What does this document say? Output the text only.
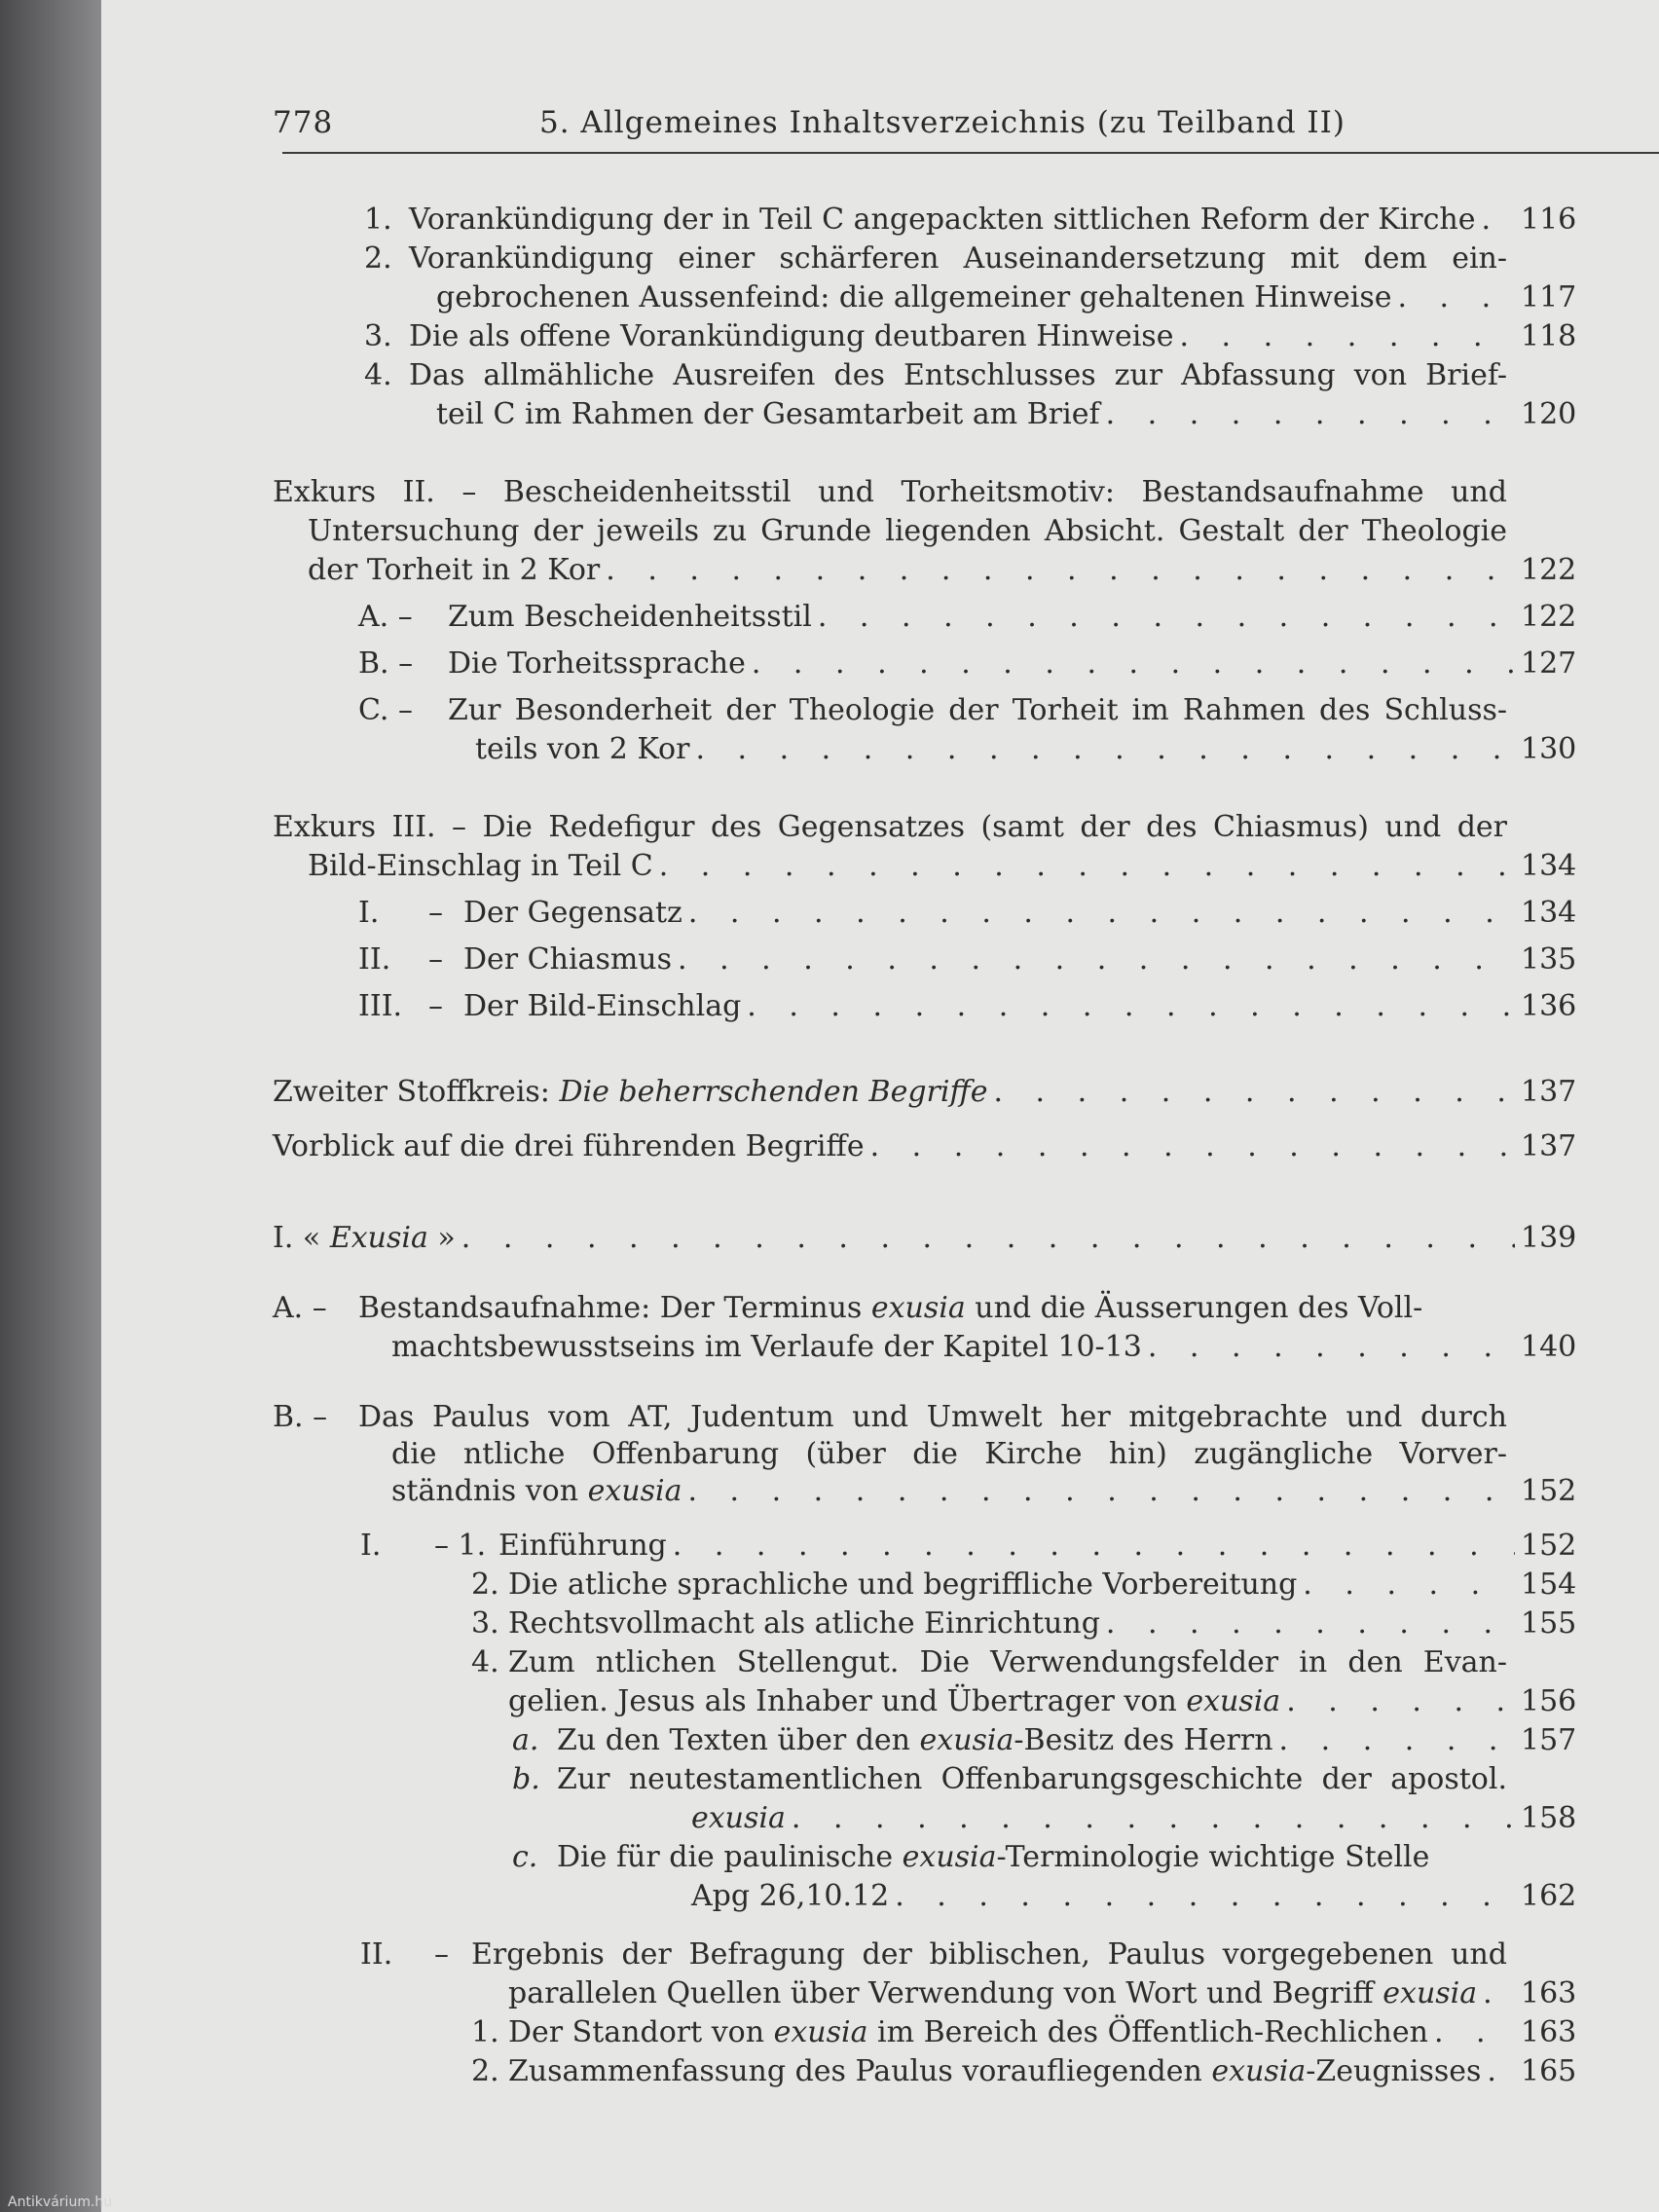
778	5. Allgemeines Inhaltsverzeichnis (zu Teilband II)
1. Vorankündigung der in Teil C angepackten sittlichen Reform der Kirche . . . 116
2. Vorankündigung einer schärferen Auseinandersetzung mit dem ein-
gebrochenen Aussenfeind: die allgemeiner gehaltenen Hinweise . . .	117
3. Die als offene Vorankündigung deutbaren Hinweise . . .	118
4. Das allmähliche Ausreifen des Entschlusses zur Abfassung von Brief-
teil C im Rahmen der Gesamtarbeit am Brief . . .	120
Exkurs II. – Bescheidenheitsstil und Torheitsmotiv: Bestandsaufnahme und
Untersuchung der jeweils zu Grunde liegenden Absicht. Gestalt der Theologie
der Torheit in 2 Kor . . .	122
A. –	Zum Bescheidenheitsstil . . .	122
B. –	Die Torheitssprache . . .	127
C. –	Zur Besonderheit der Theologie der Torheit im Rahmen des Schluss-
teils von 2 Kor . . .	130
Exkurs III. – Die Redefigur des Gegensatzes (samt der des Chiasmus) und der
Bild-Einschlag in Teil C . . .	134
I.	– Der Gegensatz . . .	134
II.	– Der Chiasmus . . .	135
III. – Der Bild-Einschlag . . .	136
Zweiter Stoffkreis:
Die beherrschenden Begriffe . . .	137
Vorblick auf die drei führenden Begriffe . . .	137
I. «
Exusia
» . . .	139
A. –	Bestandsaufnahme: Der Terminus
exusia
und die Äusserungen des Voll-
machtsbewusstseins im Verlaufe der Kapitel 10-13 . . .	140
B. –	Das Paulus vom AT, Judentum und Umwelt her mitgebrachte und durch
die ntliche Offenbarung (über die Kirche hin) zugängliche Vorver-
ständnis von
exusia . . .	152
I.	– 1. Einführung . . .	152
2. Die atliche sprachliche und begriffliche Vorbereitung . . .	154
3. Rechtsvollmacht als atliche Einrichtung . . .	155
4. Zum ntlichen Stellengut. Die Verwendungsfelder in den Evan-
gelien. Jesus als Inhaber und Übertrager von
exusia . . .	156
a. Zu den Texten über den
exusia -Besitz des Herrn . . .	157
b. Zur neutestamentlichen Offenbarungsgeschichte der apostol.
exusia . . .	158
c. Die für die paulinische
exusia -Terminologie wichtige Stelle
Apg 26,10.12 . . .	162
II.	– Ergebnis der Befragung der biblischen, Paulus vorgegebenen und
parallelen Quellen über Verwendung von Wort und Begriff
exusia . . . 163
1. Der Standort von
exusia
im Bereich des Öffentlich-Rechlichen . . .	163
2. Zusammenfassung des Paulus voraufliegenden
exusia -Zeugnisses . . . 165
Antikvárium.hu
